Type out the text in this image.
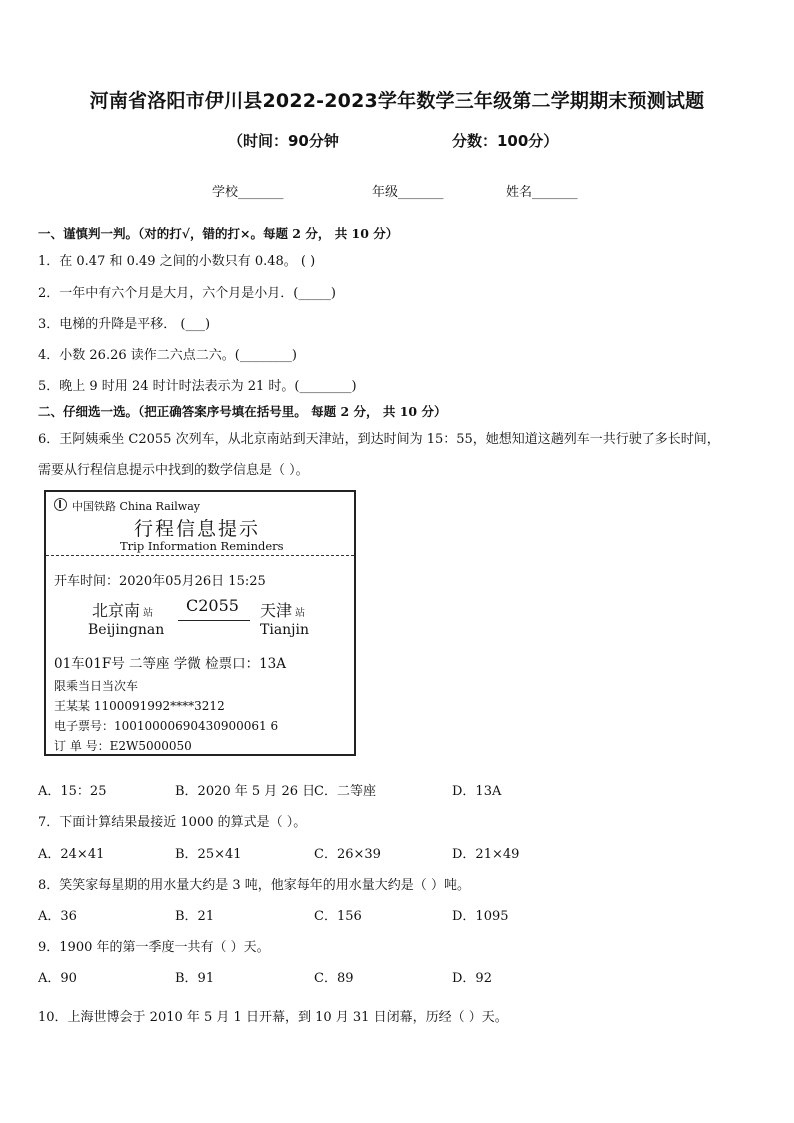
河南省洛阳市伊川县2022-2023学年数学三年级第二学期期末预测试题
（时间：90分钟	分数：100分）
学校_______	年级_______	姓名_______
一、谨慎判一判。（对的打√，错的打×。每题 2 分， 共 10 分）
1．在 0.47 和 0.49 之间的小数只有 0.48。 ( )
2．一年中有六个月是大月，六个月是小月．(_____)
3．电梯的升降是平移． (___)
4．小数 26.26 读作二六点二六。(________)
5．晚上 9 时用 24 时计时法表示为 21 时。(________)
二、仔细选一选。（把正确答案序号填在括号里。 每题 2 分， 共 10 分）
6．王阿姨乘坐 C2055 次列车，从北京南站到天津站，到达时间为 15：55，她想知道这趟列车一共行驶了多长时间，
需要从行程信息提示中找到的数学信息是（ ）。
中国铁路 China Railway
行程信息提示
Trip Information Reminders
开车时间：2020年05月26日 15:25
北京南 站
Beijingnan
C2055 天津 站
Tianjin
01车01F号 二等座 学微 检票口：13A
限乘当日当次车
王某某 1100091992****3212
电子票号：10010000690430900061 6
订 单 号：E2W5000050
A．15：25	B．2020 年 5 月 26 日
C．二等座	D．13A
7．下面计算结果最接近 1000 的算式是（ ）。
A．24×41	B．25×41	C．26×39	D．21×49
8．笑笑家每星期的用水量大约是 3 吨，他家每年的用水量大约是（ ）吨。
A．36	B．21	C．156	D．1095
9．1900 年的第一季度一共有（ ）天。
A．90	B．91	C．89	D．92
10．上海世博会于 2010 年 5 月 1 日开幕，到 10 月 31 日闭幕，历经（ ）天。
